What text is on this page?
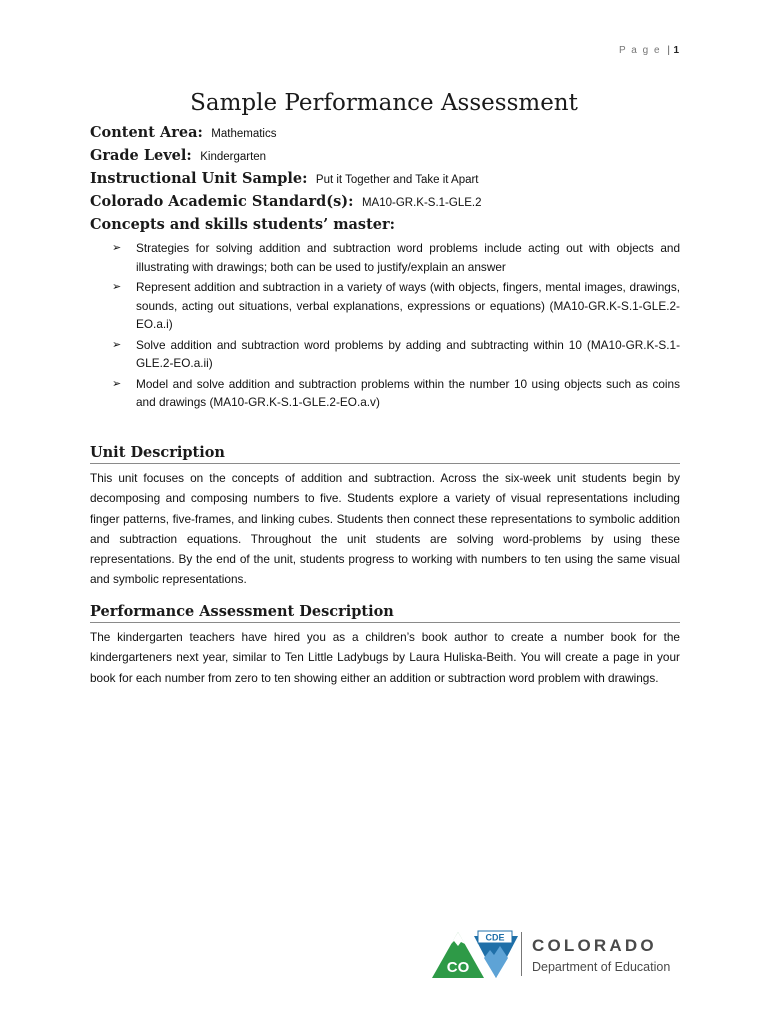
P a g e | 1
Sample Performance Assessment
Content Area: Mathematics
Grade Level: Kindergarten
Instructional Unit Sample: Put it Together and Take it Apart
Colorado Academic Standard(s): MA10-GR.K-S.1-GLE.2
Concepts and skills students’ master:
➢ Strategies for solving addition and subtraction word problems include acting out with objects and illustrating with drawings; both can be used to justify/explain an answer
➢ Represent addition and subtraction in a variety of ways (with objects, fingers, mental images, drawings, sounds, acting out situations, verbal explanations, expressions or equations) (MA10-GR.K-S.1-GLE.2-EO.a.i)
➢ Solve addition and subtraction word problems by adding and subtracting within 10 (MA10-GR.K-S.1-GLE.2-EO.a.ii)
➢ Model and solve addition and subtraction problems within the number 10 using objects such as coins and drawings (MA10-GR.K-S.1-GLE.2-EO.a.v)
Unit Description

This unit focuses on the concepts of addition and subtraction. Across the six-week unit students begin by decomposing and composing numbers to five. Students explore a variety of visual representations including finger patterns, five-frames, and linking cubes. Students then connect these representations to symbolic addition and subtraction equations. Throughout the unit students are solving word-problems by using these representations. By the end of the unit, students progress to working with numbers to ten using the same visual and symbolic representations.

Performance Assessment Description

The kindergarten teachers have hired you as a children’s book author to create a number book for the kindergarteners next year, similar to Ten Little Ladybugs by Laura Huliska-Beith. You will create a page in your book for each number from zero to ten showing either an addition or subtraction word problem with drawings.

CDE
CO
COLORADO
Department of Education
